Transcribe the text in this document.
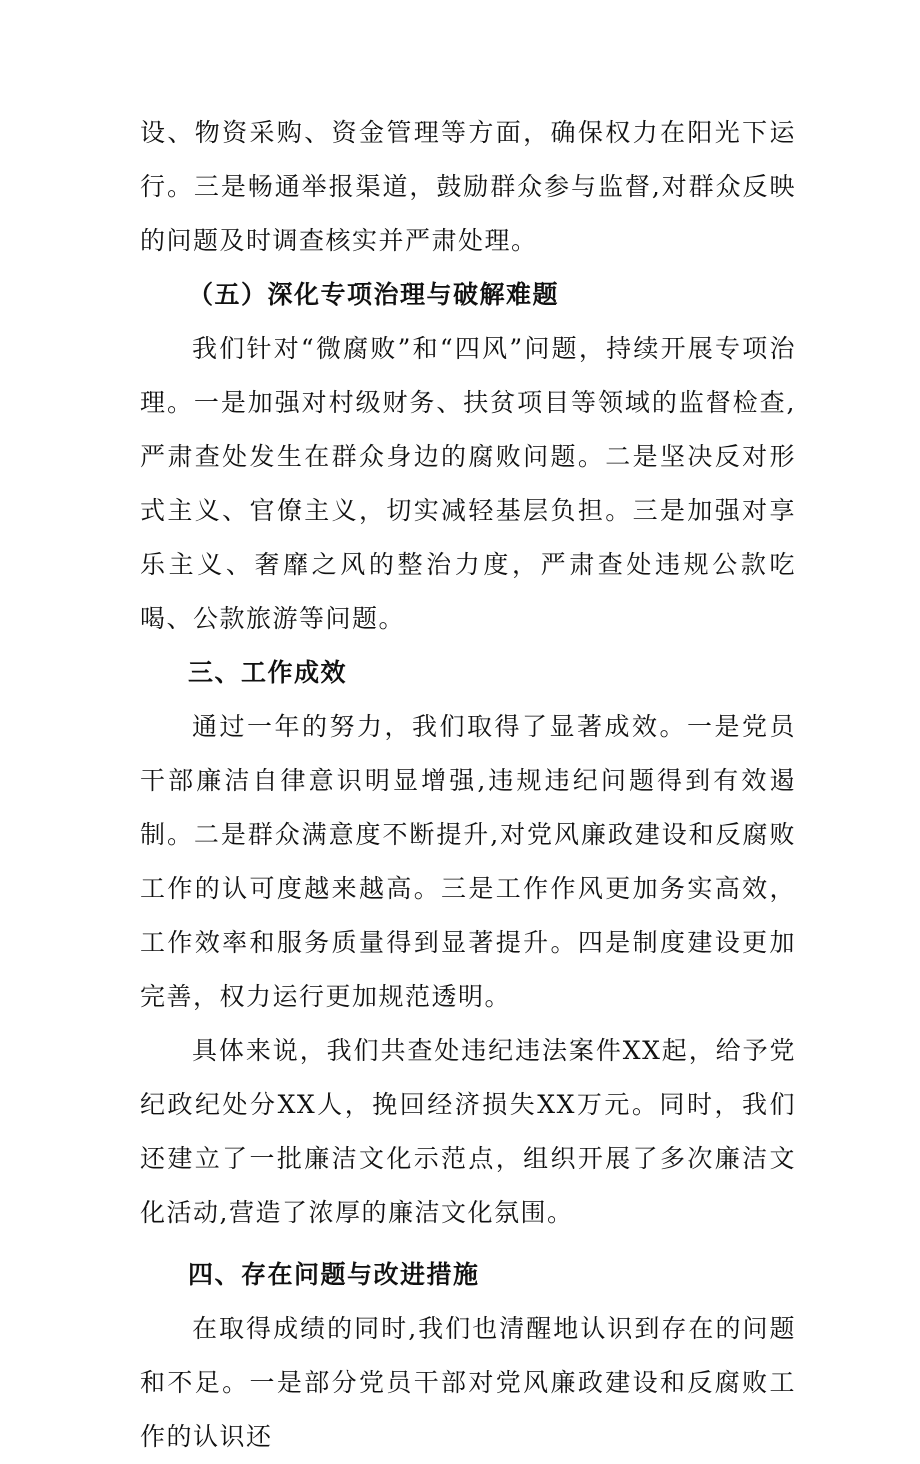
设、物资采购、资金管理等方面，确保权力在阳光下运行。三是畅通举报渠道，鼓励群众参与监督,对群众反映的问题及时调查核实并严肃处理。

（五）深化专项治理与破解难题

我们针对“微腐败”和“四风”问题，持续开展专项治理。一是加强对村级财务、扶贫项目等领域的监督检查,严肃查处发生在群众身边的腐败问题。二是坚决反对形式主义、官僚主义，切实减轻基层负担。三是加强对享乐主义、奢靡之风的整治力度，严肃查处违规公款吃喝、公款旅游等问题。

三、工作成效

通过一年的努力，我们取得了显著成效。一是党员干部廉洁自律意识明显增强,违规违纪问题得到有效遏制。二是群众满意度不断提升,对党风廉政建设和反腐败工作的认可度越来越高。三是工作作风更加务实高效，工作效率和服务质量得到显著提升。四是制度建设更加完善，权力运行更加规范透明。

具体来说，我们共查处违纪违法案件XX起，给予党纪政纪处分XX人，挽回经济损失XX万元。同时，我们还建立了一批廉洁文化示范点，组织开展了多次廉洁文化活动,营造了浓厚的廉洁文化氛围。

四、存在问题与改进措施

在取得成绩的同时,我们也清醒地认识到存在的问题和不足。一是部分党员干部对党风廉政建设和反腐败工作的认识还
